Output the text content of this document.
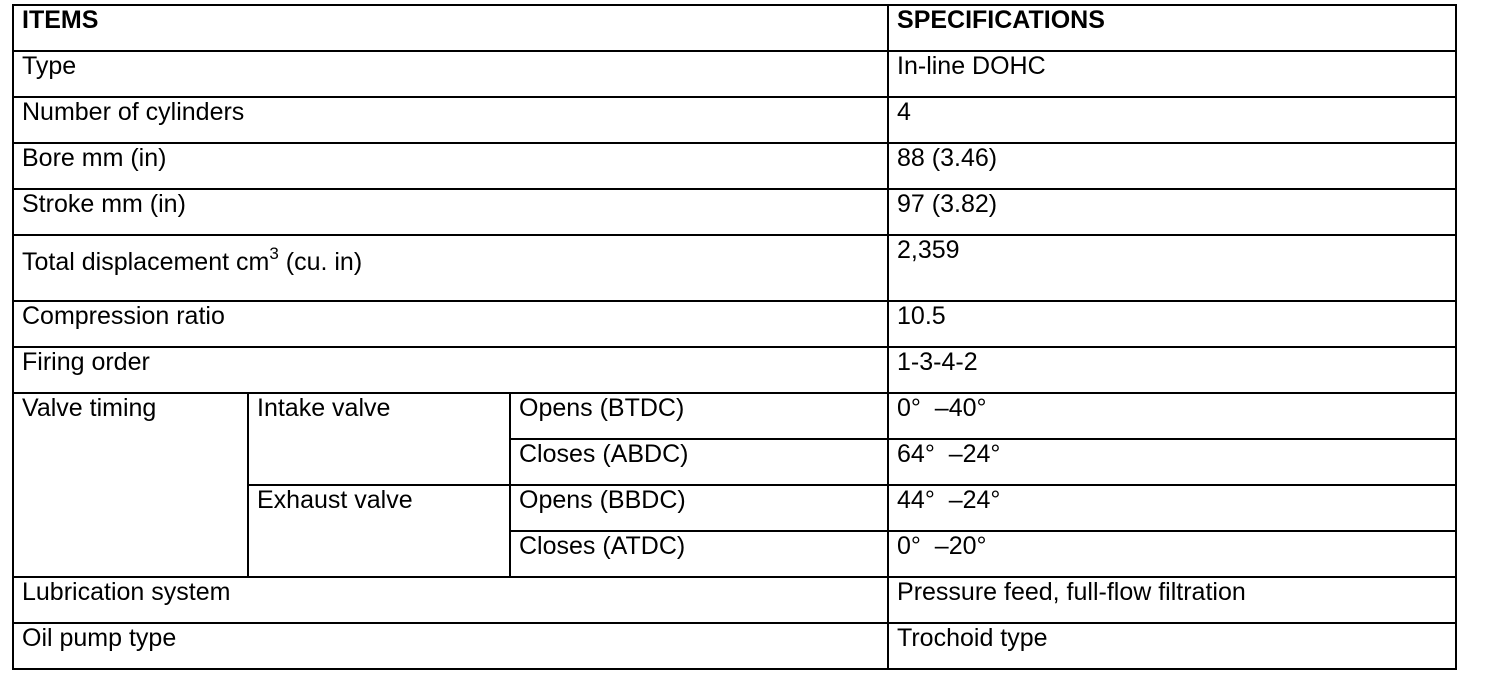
ITEMS			SPECIFICATIONS
Type			In-line DOHC
Number of cylinders			4
Bore mm (in)			88 (3.46)
Stroke mm (in)			97 (3.82)
Total displacement $cm^3$ (cu. in)			2,359
Compression ratio			10.5
Firing order			1-3-4-2
Valve timing	Intake valve	Opens (BTDC)	0°  –40°
		Closes (ABDC)	64°  –24°
	Exhaust valve	Opens (BBDC)	44°  –24°
		Closes (ATDC)	0°  –20°
Lubrication system			Pressure feed, full-flow filtration
Oil pump type			Trochoid type
